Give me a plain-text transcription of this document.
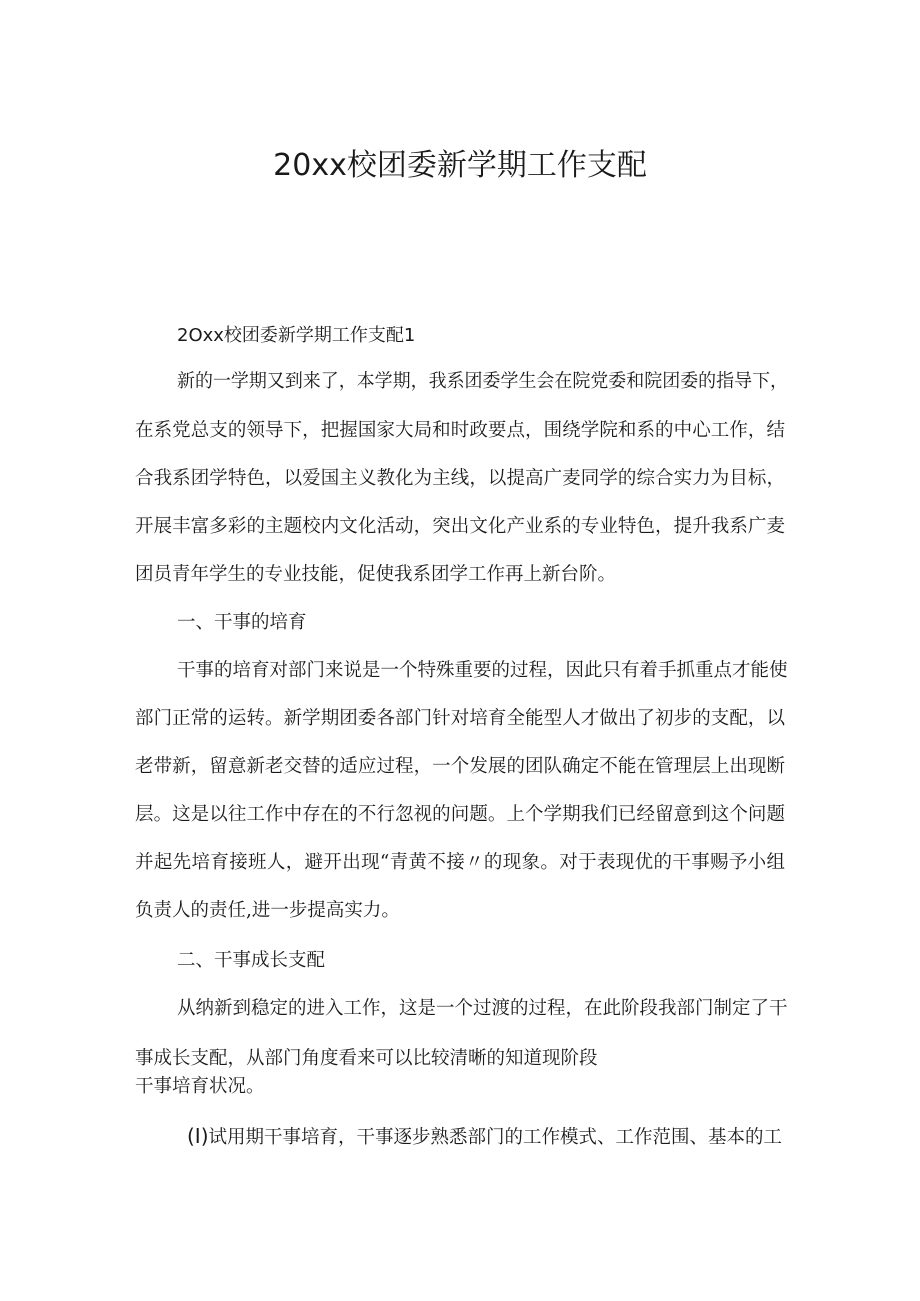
20xx校团委新学期工作支配
2Oxx校团委新学期工作支配1
新的一学期又到来了，本学期，我系团委学生会在院党委和院团委的指导下，
在系党总支的领导下，把握国家大局和时政要点，围绕学院和系的中心工作，结
合我系团学特色，以爱国主义教化为主线，以提高广麦同学的综合实力为目标，
开展丰富多彩的主题校内文化活动，突出文化产业系的专业特色，提升我系广麦
团员青年学生的专业技能，促使我系团学工作再上新台阶。
一、干事的培育
干事的培育对部门来说是一个特殊重要的过程，因此只有着手抓重点才能使
部门正常的运转。新学期团委各部门针对培育全能型人才做出了初步的支配，以
老带新，留意新老交替的适应过程，一个发展的团队确定不能在管理层上出现断
层。这是以往工作中存在的不行忽视的问题。上个学期我们已经留意到这个问题
并起先培育接班人，避开出现“青黄不接〃的现象。对于表现优的干事赐予小组
负责人的责任,进一步提高实力。
二、干事成长支配
从纳新到稳定的进入工作，这是一个过渡的过程，在此阶段我部门制定了干
事成长支配，从部门角度看来可以比较清晰的知道现阶段
干事培育状况。
(I)试用期干事培育，干事逐步熟悉部门的工作模式、工作范围、基本的工
